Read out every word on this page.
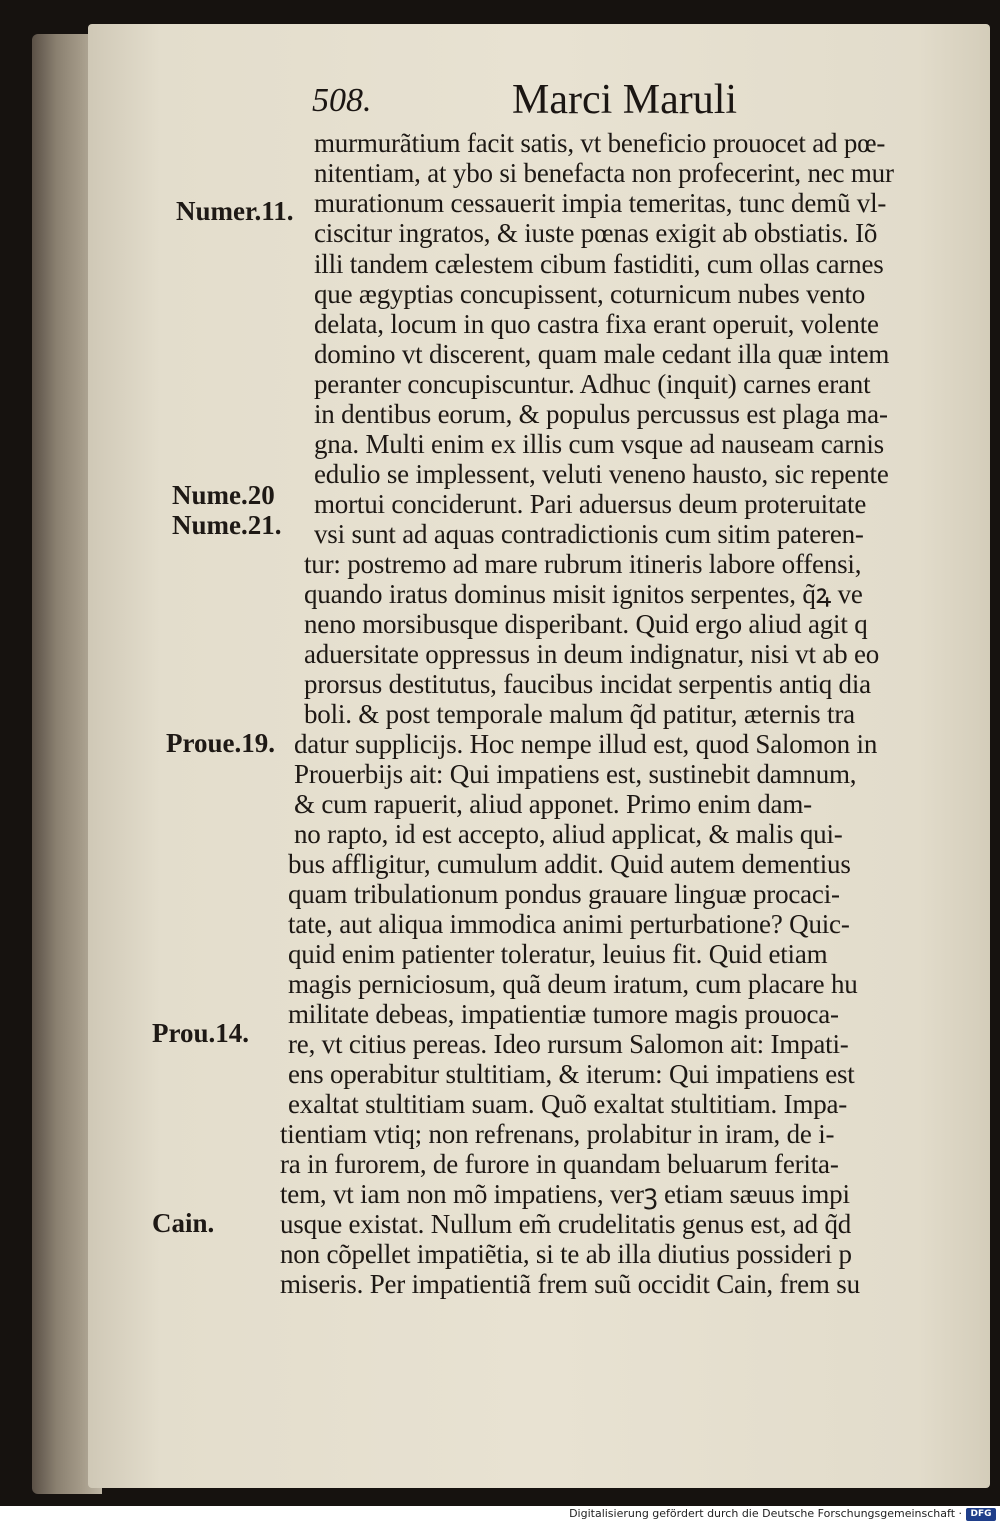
508.	Marci Maruli
Numer.11.
Nume.20
Nume.21.
Proue.19.
Prou.14.
Cain.
murmurãtium facit satis, vt beneficio prouocet ad pœ-
nitentiam, at ybo si benefacta non profecerint, nec mur
murationum cessauerit impia temeritas, tunc demũ vl-
ciscitur ingratos, & iuste pœnas exigit ab obstiatis. Iõ
illi tandem cælestem cibum fastiditi, cum ollas carnes
que ægyptias concupissent, coturnicum nubes vento
delata, locum in quo castra fixa erant operuit, volente
domino vt discerent, quam male cedant illa quæ intem
peranter concupiscuntur. Adhuc (inquit) carnes erant
in dentibus eorum, & populus percussus est plaga ma-
gna. Multi enim ex illis cum vsque ad nauseam carnis
edulio se implessent, veluti veneno hausto, sic repente
mortui conciderunt. Pari aduersus deum proteruitate
vsi sunt ad aquas contradictionis cum sitim pateren-
tur: postremo ad mare rubrum itineris labore offensi,
quando iratus dominus misit ignitos serpentes, q̃ꝝ ve
neno morsibusque disperibant. Quid ergo aliud agit q
aduersitate oppressus in deum indignatur, nisi vt ab eo
prorsus destitutus, faucibus incidat serpentis antiq dia
boli. & post temporale malum q̃d patitur, æternis tra
datur supplicijs. Hoc nempe illud est, quod Salomon in
Prouerbijs ait: Qui impatiens est, sustinebit damnum,
& cum rapuerit, aliud apponet. Primo enim dam-
no rapto, id est accepto, aliud applicat, & malis qui-
bus affligitur, cumulum addit. Quid autem dementius
quam tribulationum pondus grauare linguæ procaci-
tate, aut aliqua immodica animi perturbatione? Quic-
quid enim patienter toleratur, leuius fit. Quid etiam
magis perniciosum, quã deum iratum, cum placare hu
militate debeas, impatientiæ tumore magis prouoca-
re, vt citius pereas. Ideo rursum Salomon ait: Impati-
ens operabitur stultitiam, & iterum: Qui impatiens est
exaltat stultitiam suam. Quõ exaltat stultitiam. Impa-
tientiam vtiq; non refrenans, prolabitur in iram, de i-
ra in furorem, de furore in quandam beluarum ferita-
tem, vt iam non mõ impatiens, verꝫ etiam sæuus impi
usque existat. Nullum em̃ crudelitatis genus est, ad q̃d
non cõpellet impatiẽtia, si te ab illa diutius possideri p
miseris. Per impatientiã frem suũ occidit Cain, frem su
Digitalisierung gefördert durch die Deutsche Forschungsgemeinschaft · DFG
